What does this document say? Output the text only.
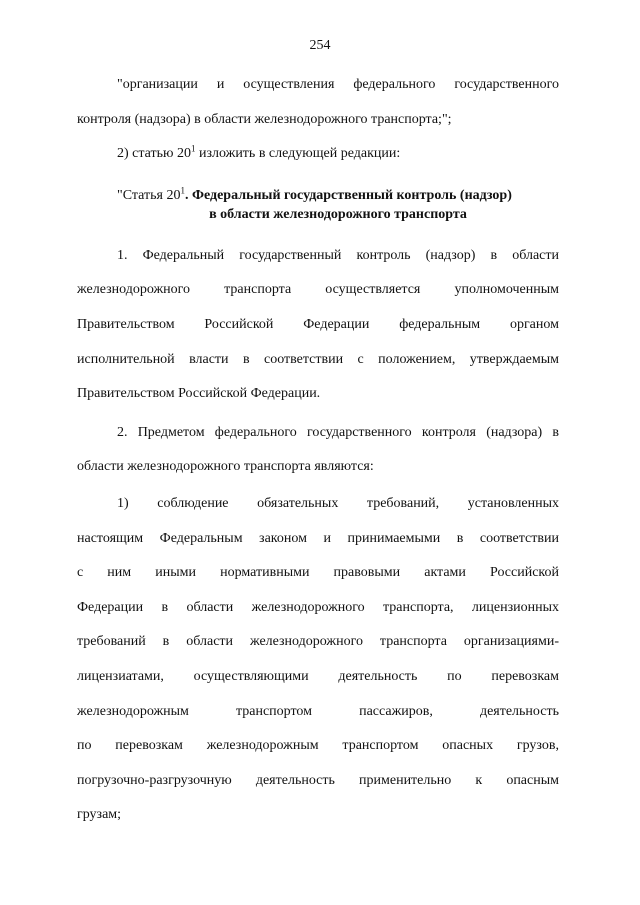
254

"организации и осуществления федерального государственного

контроля (надзора) в области железнодорожного транспорта;";

2) статью $20^1$ изложить в следующей редакции:

"Статья $20^1$. Федеральный государственный контроль (надзор)
в области железнодорожного транспорта

1. Федеральный государственный контроль (надзор) в области

железнодорожного транспорта осуществляется уполномоченным

Правительством Российской Федерации федеральным органом

исполнительной власти в соответствии с положением, утверждаемым

Правительством Российской Федерации.

2. Предметом федерального государственного контроля (надзора) в

области железнодорожного транспорта являются:

1) соблюдение обязательных требований, установленных

настоящим Федеральным законом и принимаемыми в соответствии

с ним иными нормативными правовыми актами Российской

Федерации в области железнодорожного транспорта, лицензионных

требований в области железнодорожного транспорта организациями-

лицензиатами, осуществляющими деятельность по перевозкам

железнодорожным транспортом пассажиров, деятельность

по перевозкам железнодорожным транспортом опасных грузов,

погрузочно-разгрузочную деятельность применительно к опасным

грузам;
